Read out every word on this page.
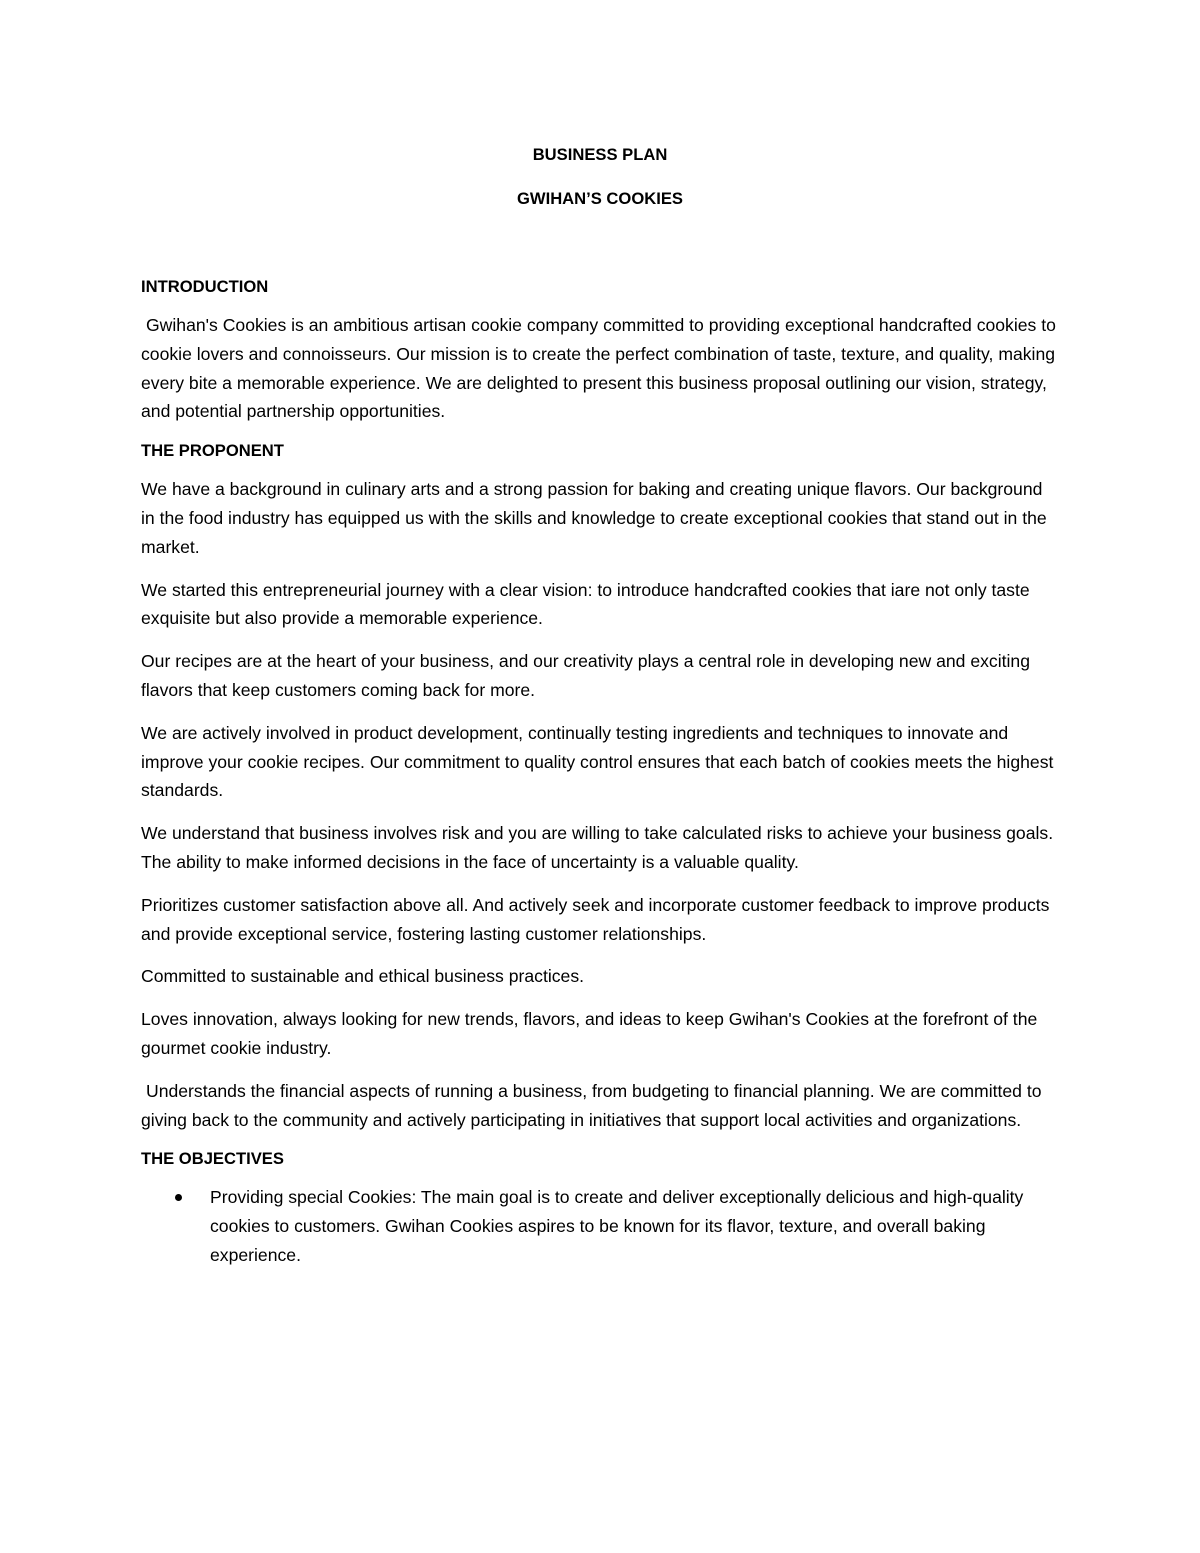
BUSINESS PLAN

GWIHAN’S COOKIES

INTRODUCTION

Gwihan's Cookies is an ambitious artisan cookie company committed to providing exceptional handcrafted cookies to cookie lovers and connoisseurs. Our mission is to create the perfect combination of taste, texture, and quality, making every bite a memorable experience. We are delighted to present this business proposal outlining our vision, strategy, and potential partnership opportunities.

THE PROPONENT

We have a background in culinary arts and a strong passion for baking and creating unique flavors. Our background in the food industry has equipped us with the skills and knowledge to create exceptional cookies that stand out in the market.

We started this entrepreneurial journey with a clear vision: to introduce handcrafted cookies that iare not only taste exquisite but also provide a memorable experience.

Our recipes are at the heart of your business, and our creativity plays a central role in developing new and exciting flavors that keep customers coming back for more.

We are actively involved in product development, continually testing ingredients and techniques to innovate and improve your cookie recipes. Our commitment to quality control ensures that each batch of cookies meets the highest standards.

We understand that business involves risk and you are willing to take calculated risks to achieve your business goals. The ability to make informed decisions in the face of uncertainty is a valuable quality.

Prioritizes customer satisfaction above all. And actively seek and incorporate customer feedback to improve products and provide exceptional service, fostering lasting customer relationships.

Committed to sustainable and ethical business practices.

Loves innovation, always looking for new trends, flavors, and ideas to keep Gwihan's Cookies at the forefront of the gourmet cookie industry.

Understands the financial aspects of running a business, from budgeting to financial planning. We are committed to giving back to the community and actively participating in initiatives that support local activities and organizations.

THE OBJECTIVES

Providing special Cookies: The main goal is to create and deliver exceptionally delicious and high-quality cookies to customers. Gwihan Cookies aspires to be known for its flavor, texture, and overall baking experience.
